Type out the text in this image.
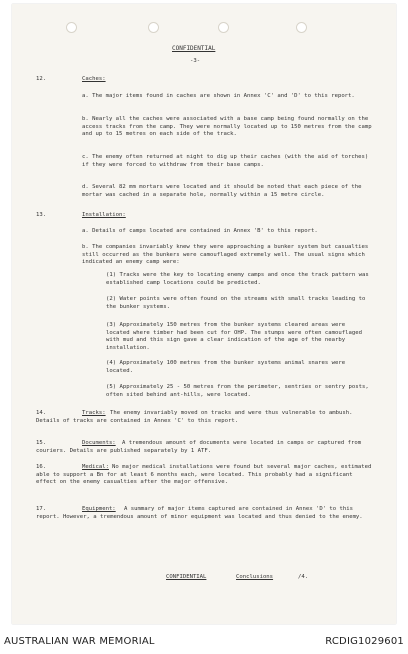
CONFIDENTIAL
-3-
12.	Caches:
a. The major items found in caches are shown in Annex 'C' and 'D' to this report.
b. Nearly all the caches were associated with a base camp being found normally on the access tracks from the camp. They were normally located up to 150 metres from the camp and up to 15 metres on each side of the track.
c. The enemy often returned at night to dig up their caches (with the aid of torches) if they were forced to withdraw from their base camps.
d. Several 82 mm mortars were located and it should be noted that each piece of the mortar was cached in a separate hole, normally within a 15 metre circle.
13.	Installation:
a. Details of camps located are contained in Annex 'B' to this report.
b. The companies invariably knew they were approaching a bunker system but casualties still occurred as the bunkers were camouflaged extremely well. The usual signs which indicated an enemy camp were:
(1) Tracks were the key to locating enemy camps and once the track pattern was established camp locations could be predicted.
(2) Water points were often found on the streams with small tracks leading to the bunker systems.
(3) Approximately 150 metres from the bunker systems cleared areas were located where timber had been cut for OHP. The stumps were often camouflaged with mud and this sign gave a clear indication of the age of the nearby installation.
(4) Approximately 100 metres from the bunker systems animal snares were located.
(5) Approximately 25 - 50 metres from the perimeter, sentries or sentry posts, often sited behind ant-hills, were located.
14.	Tracks: The enemy invariably moved on tracks and were thus vulnerable to ambush. Details of tracks are contained in Annex 'C' to this report.
15.	Documents:	A tremendous amount of documents were located in camps or captured from couriers. Details are published separately by 1 ATF.
16.	Medical: No major medical installations were found but several major caches, estimated able to support a Bn for at least 6 months each, were located. This probably had a significant effect on the enemy casualties after the major offensive.
17.	Equipment:	A summary of major items captured are contained in Annex 'D' to this report. However, a tremendous amount of minor equipment was located and thus denied to the enemy.
CONFIDENTIAL	Conclusions	/4.
AUSTRALIAN WAR MEMORIAL	RCDIG1029601
